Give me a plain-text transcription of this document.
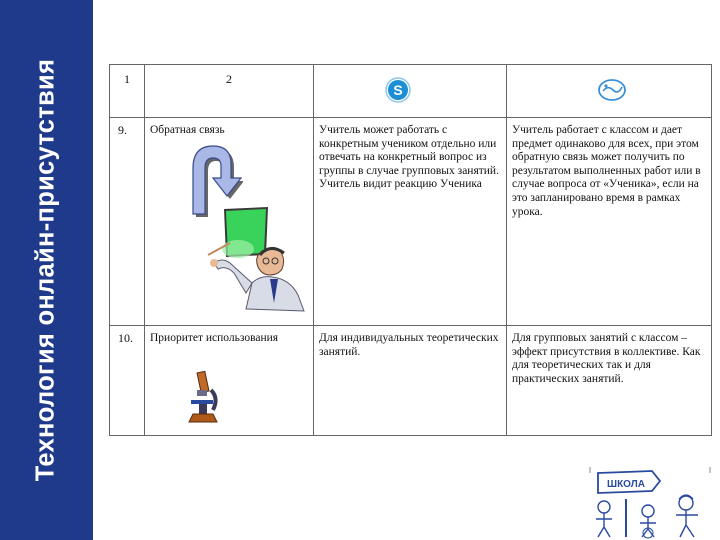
Технология онлайн-присутствия	1	2	S

9.	Обратная связь	Учитель может работать с конкретным учеником отдельно или отвечать на конкретный вопрос из группы в случае групповых занятий. Учитель видит реакцию Ученика	Учитель работает с классом и дает предмет одинаково для всех, при этом обратную связь может получить по результатом выполненных работ или в случае вопроса от «Ученика», если на это запланировано время в рамках урока.

10.	Приоритет использования	Для индивидуальных теоретических занятий.	Для групповых занятий с классом – эффект присутствия в коллективе. Как для теоретических так и для практических занятий.
ШКОЛА
